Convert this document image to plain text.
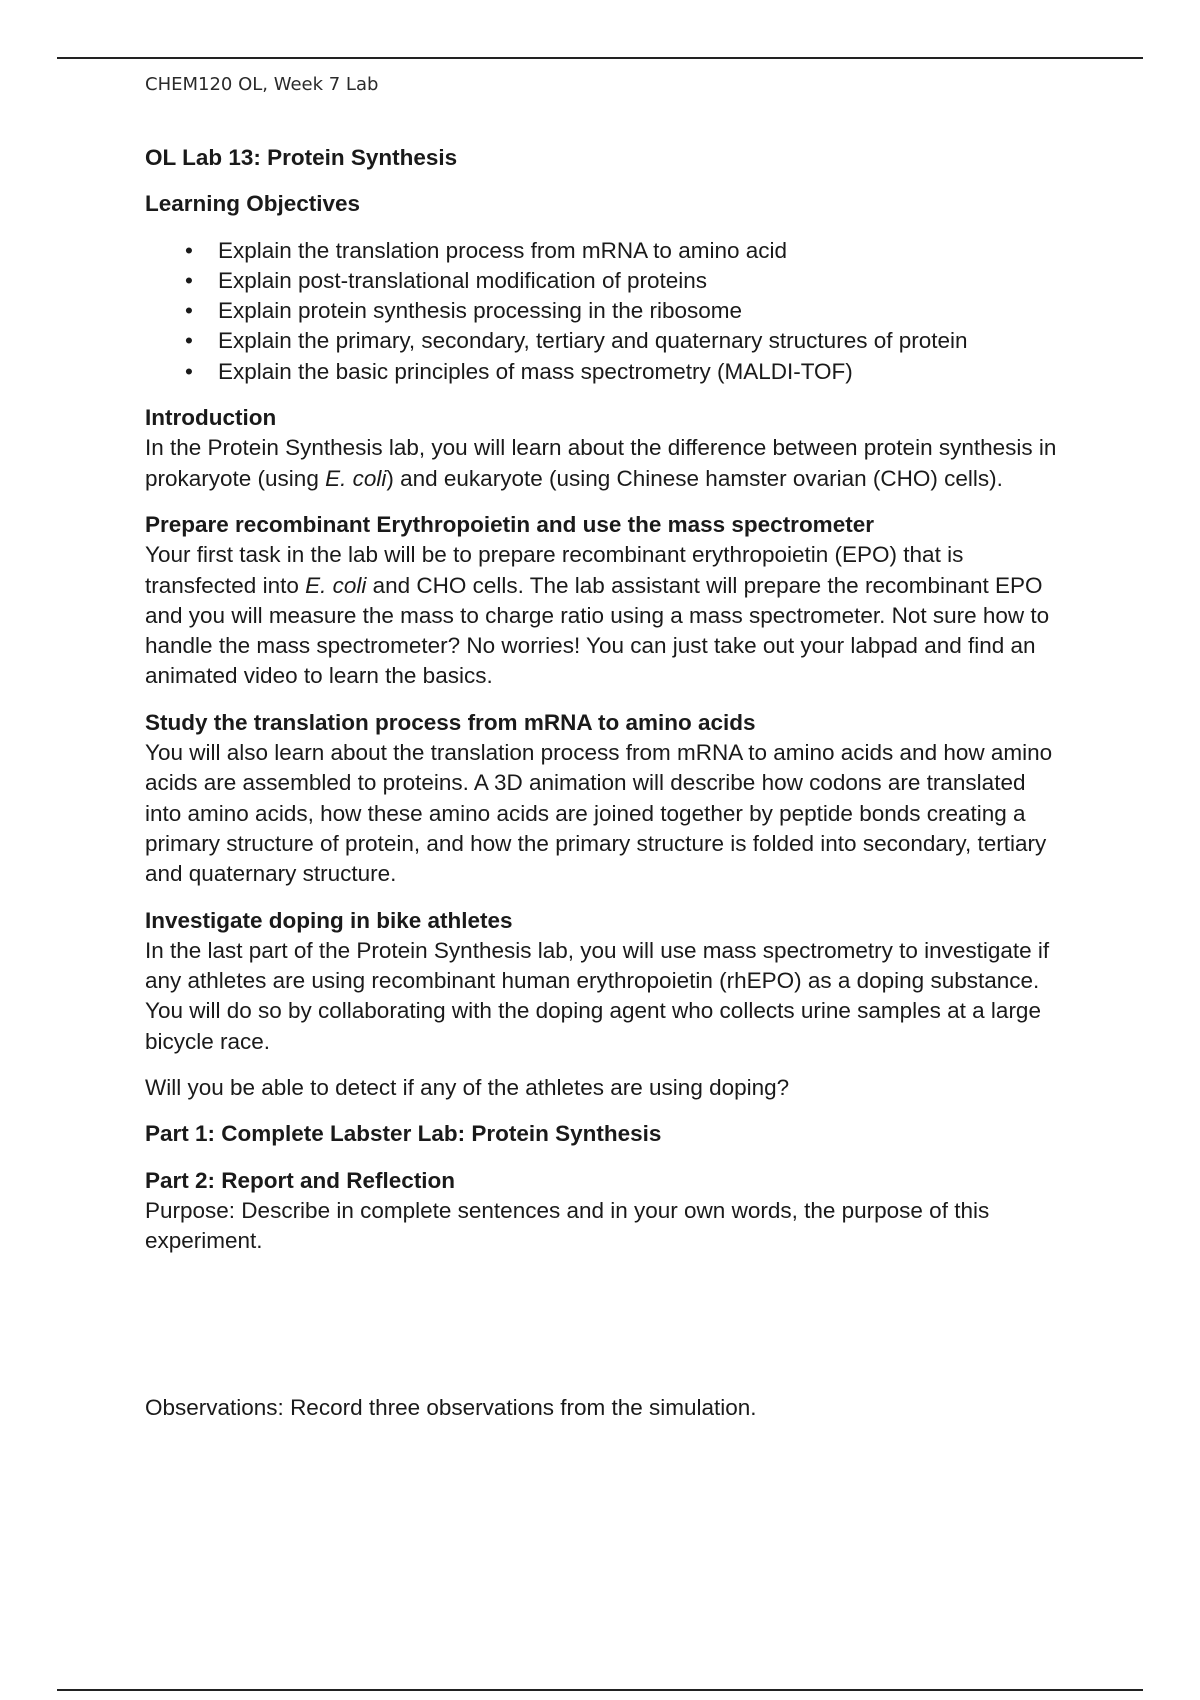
CHEM120 OL, Week 7 Lab
OL Lab 13: Protein Synthesis
Learning Objectives
• Explain the translation process from mRNA to amino acid
• Explain post-translational modification of proteins
• Explain protein synthesis processing in the ribosome
• Explain the primary, secondary, tertiary and quaternary structures of protein
• Explain the basic principles of mass spectrometry (MALDI-TOF)
Introduction

In the Protein Synthesis lab, you will learn about the difference between protein synthesis in prokaryote (using E. coli) and eukaryote (using Chinese hamster ovarian (CHO) cells).

Prepare recombinant Erythropoietin and use the mass spectrometer

Your first task in the lab will be to prepare recombinant erythropoietin (EPO) that is transfected into E. coli and CHO cells. The lab assistant will prepare the recombinant EPO and you will measure the mass to charge ratio using a mass spectrometer. Not sure how to handle the mass spectrometer? No worries! You can just take out your labpad and find an animated video to learn the basics.

Study the translation process from mRNA to amino acids

You will also learn about the translation process from mRNA to amino acids and how amino acids are assembled to proteins. A 3D animation will describe how codons are translated into amino acids, how these amino acids are joined together by peptide bonds creating a primary structure of protein, and how the primary structure is folded into secondary, tertiary and quaternary structure.

Investigate doping in bike athletes

In the last part of the Protein Synthesis lab, you will use mass spectrometry to investigate if any athletes are using recombinant human erythropoietin (rhEPO) as a doping substance. You will do so by collaborating with the doping agent who collects urine samples at a large bicycle race.

Will you be able to detect if any of the athletes are using doping?

Part 1: Complete Labster Lab: Protein Synthesis
Part 2: Report and Reflection

Purpose: Describe in complete sentences and in your own words, the purpose of this experiment.

Observations: Record three observations from the simulation.
